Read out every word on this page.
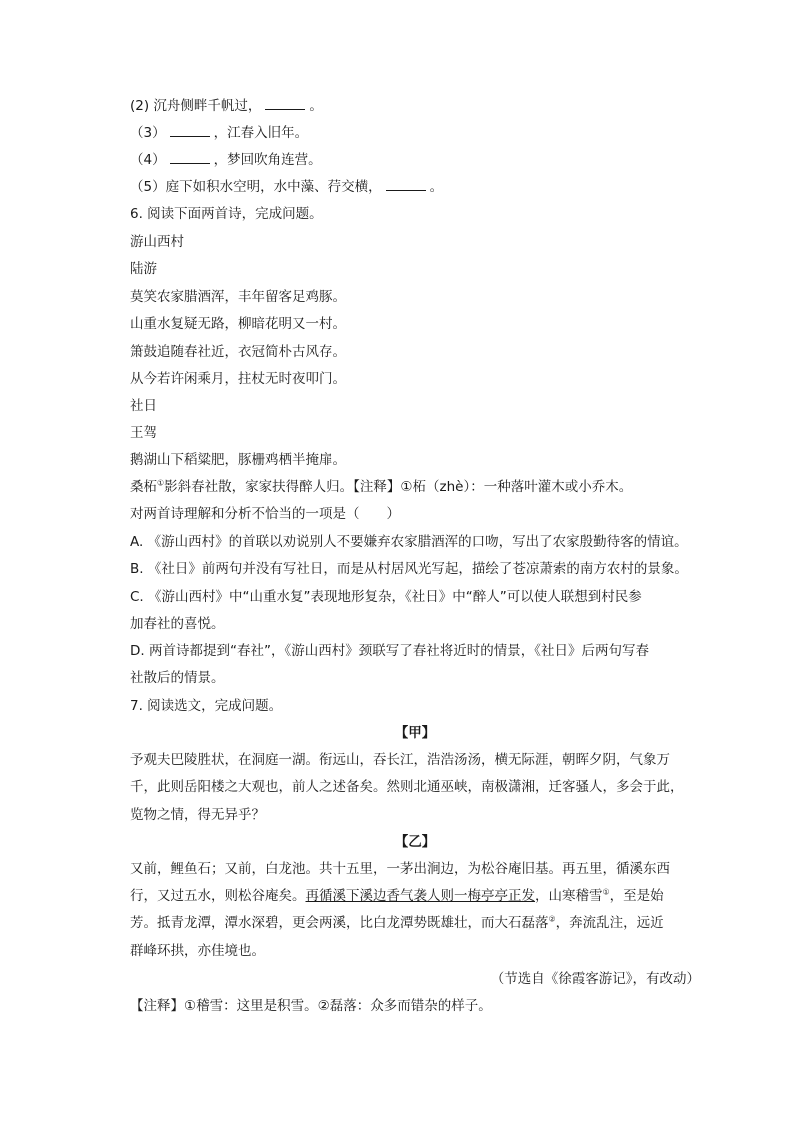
(2) 沉舟侧畔千帆过，	。
（3）	，江春入旧年。
（4）	，梦回吹角连营。
（5）庭下如积水空明，水中藻、荇交横，	。
6. 阅读下面两首诗，完成问题。
游山西村
陆游
莫笑农家腊酒浑，丰年留客足鸡豚。
山重水复疑无路，柳暗花明又一村。
箫鼓追随春社近，衣冠简朴古风存。
从今若许闲乘月，拄杖无时夜叩门。
社日
王驾
鹅湖山下稻粱肥，豚栅鸡栖半掩扉。
桑柘①影斜春社散，家家扶得醉人归。【注释】①柘（zhè）：一种落叶灌木或小乔木。
对两首诗理解和分析不恰当的一项是（　　）
A. 《游山西村》的首联以劝说别人不要嫌弃农家腊酒浑的口吻，写出了农家殷勤待客的情谊。
B. 《社日》前两句并没有写社日，而是从村居风光写起，描绘了苍凉萧索的南方农村的景象。
C. 《游山西村》中“山重水复”表现地形复杂，《社日》中“醉人”可以使人联想到村民参
加春社的喜悦。
D. 两首诗都提到“春社”，《游山西村》颈联写了春社将近时的情景，《社日》后两句写春
社散后的情景。
7. 阅读选文，完成问题。
【甲】
予观夫巴陵胜状，在洞庭一湖。衔远山，吞长江，浩浩汤汤，横无际涯，朝晖夕阴，气象万
千，此则岳阳楼之大观也，前人之述备矣。然则北通巫峡，南极潇湘，迁客骚人，多会于此，
览物之情，得无异乎？
【乙】
又前，鲤鱼石；又前，白龙池。共十五里，一茅出涧边，为松谷庵旧基。再五里，循溪东西
行，又过五水，则松谷庵矣。再循溪下溪边香气袭人则一梅亭亭正发，山寒稽雪①，至是始
芳。抵青龙潭，潭水深碧，更会两溪，比白龙潭势既雄壮，而大石磊落②，奔流乱注，远近
群峰环拱，亦佳境也。
（节选自《徐霞客游记》，有改动）
【注释】①稽雪：这里是积雪。②磊落：众多而错杂的样子。
